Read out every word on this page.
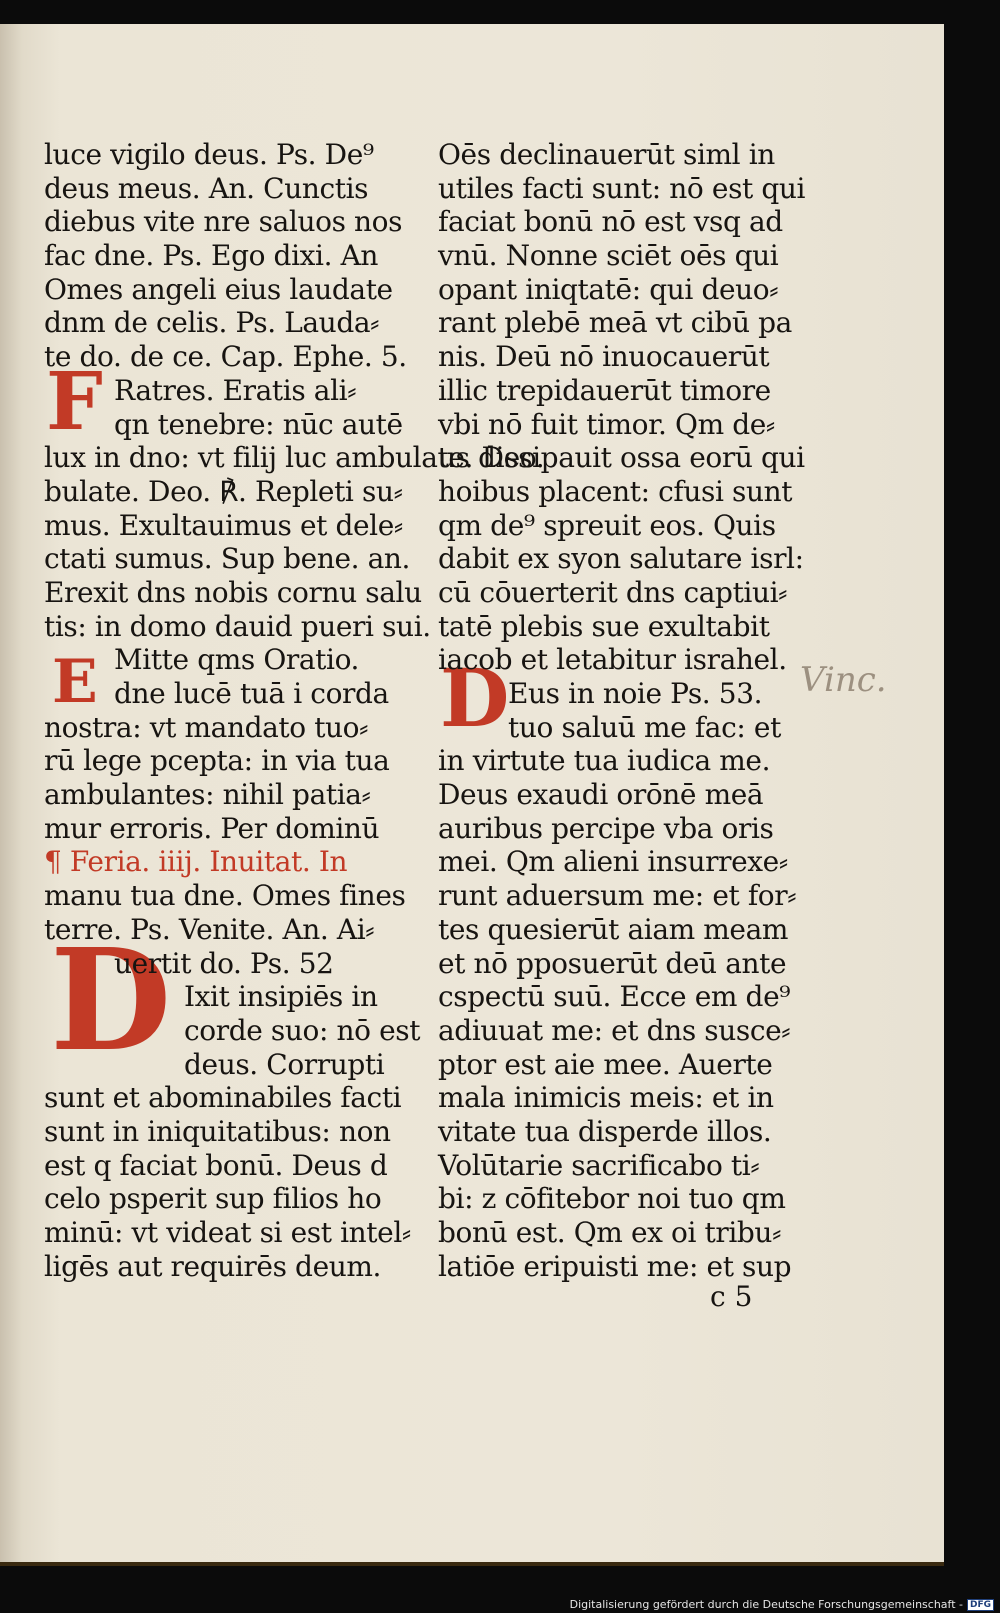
F
E
D
D
luce vigilo deus. Ps. De⁹
deus meus. An. Cunctis
diebus vite nre saluos nos
fac dne. Ps. Ego dixi. An
Omes angeli eius laudate
dnm de celis. Ps. Lauda⸗
te do. de ce. Cap. Ephe. 5.
Ratres. Eratis ali⸗
qn tenebre: nūc autē
lux in dno: vt filij luc ambulate. Deo.
bulate. Deo. ℟. Repleti su⸗
mus. Exultauimus et dele⸗
ctati sumus. Sup bene. an.
Erexit dns nobis cornu salu
tis: in domo dauid pueri sui.
Mitte qms Oratio.
dne lucē tuā i corda
nostra: vt mandato tuo⸗
rū lege pcepta: in via tua
ambulantes: nihil patia⸗
mur erroris. Per dominū
¶ Feria. iiij. Inuitat. In
manu tua dne. Omes fines
terre. Ps. Venite. An. Ai⸗
uertit do. Ps. 52
Ixit insipiēs in
corde suo: nō est
deus. Corrupti
sunt et abominabiles facti
sunt in iniquitatibus: non
est q faciat bonū. Deus d
celo psperit sup filios ho
minū: vt videat si est intel⸗
ligēs aut requirēs deum.
Oēs declinauerūt siml in
utiles facti sunt: nō est qui
faciat bonū nō est vsq ad
vnū. Nonne sciēt oēs qui
opant iniqtatē: qui deuo⸗
rant plebē meā vt cibū pa
nis. Deū nō inuocauerūt
illic trepidauerūt timore
vbi nō fuit timor. Qm de⸗
us dissipauit ossa eorū qui
hoibus placent: cfusi sunt
qm de⁹ spreuit eos. Quis
dabit ex syon salutare isrl:
cū cōuerterit dns captiui⸗
tatē plebis sue exultabit
iacob et letabitur israhel.
Eus in noie Ps. 53.
tuo saluū me fac: et
in virtute tua iudica me.
Deus exaudi orōnē meā
auribus percipe vba oris
mei. Qm alieni insurrexe⸗
runt aduersum me: et for⸗
tes quesierūt aiam meam
et nō pposuerūt deū ante
cspectū suū. Ecce em de⁹
adiuuat me: et dns susce⸗
ptor est aie mee. Auerte
mala inimicis meis: et in
vitate tua disperde illos.
Volūtarie sacrificabo ti⸗
bi: z cōfitebor noi tuo qm
bonū est. Qm ex oi tribu⸗
latiōe eripuisti me: et sup
Vinc.
c 5
Digitalisierung gefördert durch die Deutsche Forschungsgemeinschaft - DFG
